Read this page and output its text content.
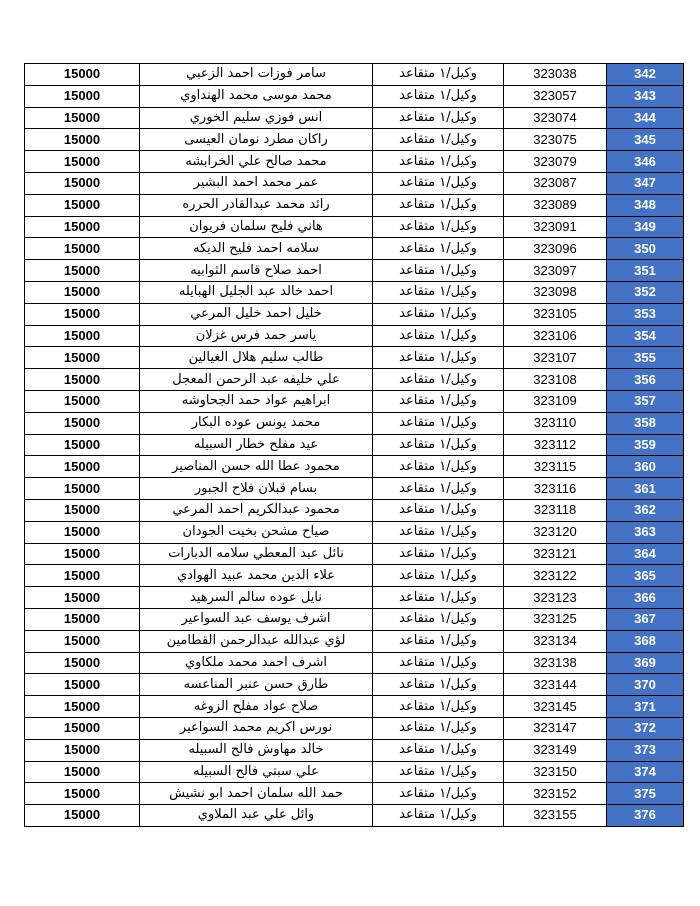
15000	سامر فوزات احمد الزعبي	وكيل/١ متقاعد	323038	342
15000	محمد موسى محمد الهنداوي	وكيل/١ متقاعد	323057	343
15000	انس فوزي سليم الخوري	وكيل/١ متقاعد	323074	344
15000	راكان مطرد نومان العيسى	وكيل/١ متقاعد	323075	345
15000	محمد صالح علي الخرابشه	وكيل/١ متقاعد	323079	346
15000	عمر محمد احمد البشير	وكيل/١ متقاعد	323087	347
15000	رائد محمد عبدالقادر الحرره	وكيل/١ متقاعد	323089	348
15000	هاني فليح سلمان فريوان	وكيل/١ متقاعد	323091	349
15000	سلامه احمد فليح الديكه	وكيل/١ متقاعد	323096	350
15000	احمد صلاح قاسم الثوابيه	وكيل/١ متقاعد	323097	351
15000	احمد خالد عبد الجليل الهبايله	وكيل/١ متقاعد	323098	352
15000	خليل احمد خليل المرعي	وكيل/١ متقاعد	323105	353
15000	ياسر حمد فرس غزلان	وكيل/١ متقاعد	323106	354
15000	طالب سليم هلال الغيالين	وكيل/١ متقاعد	323107	355
15000	علي خليفه عبد الرحمن المعجل	وكيل/١ متقاعد	323108	356
15000	ابراهيم عواد حمد الجحاوشه	وكيل/١ متقاعد	323109	357
15000	محمد يونس عوده البكار	وكيل/١ متقاعد	323110	358
15000	عيد مفلح خطار السبيله	وكيل/١ متقاعد	323112	359
15000	محمود عطا الله حسن المناصير	وكيل/١ متقاعد	323115	360
15000	بسام قبلان فلاح الجبور	وكيل/١ متقاعد	323116	361
15000	محمود عبدالكريم احمد المرعي	وكيل/١ متقاعد	323118	362
15000	صياح مشحن بخيت الجودان	وكيل/١ متقاعد	323120	363
15000	نائل عبد المعطي سلامه الدبارات	وكيل/١ متقاعد	323121	364
15000	علاء الدين محمد عبيد الهوادي	وكيل/١ متقاعد	323122	365
15000	نايل عوده سالم السرهيد	وكيل/١ متقاعد	323123	366
15000	اشرف يوسف عبد السواعير	وكيل/١ متقاعد	323125	367
15000	لؤي عبدالله عبدالرحمن القطامين	وكيل/١ متقاعد	323134	368
15000	اشرف احمد محمد ملكاوي	وكيل/١ متقاعد	323138	369
15000	طارق حسن عنبر المناعسه	وكيل/١ متقاعد	323144	370
15000	صلاح عواد مفلح الزوغه	وكيل/١ متقاعد	323145	371
15000	نورس اكريم محمد السواعير	وكيل/١ متقاعد	323147	372
15000	خالد مهاوش فالح السبيله	وكيل/١ متقاعد	323149	373
15000	علي سبتي فالح السبيله	وكيل/١ متقاعد	323150	374
15000	حمد الله سلمان احمد ابو نشيش	وكيل/١ متقاعد	323152	375
15000	وائل علي عبد الملاوي	وكيل/١ متقاعد	323155	376
